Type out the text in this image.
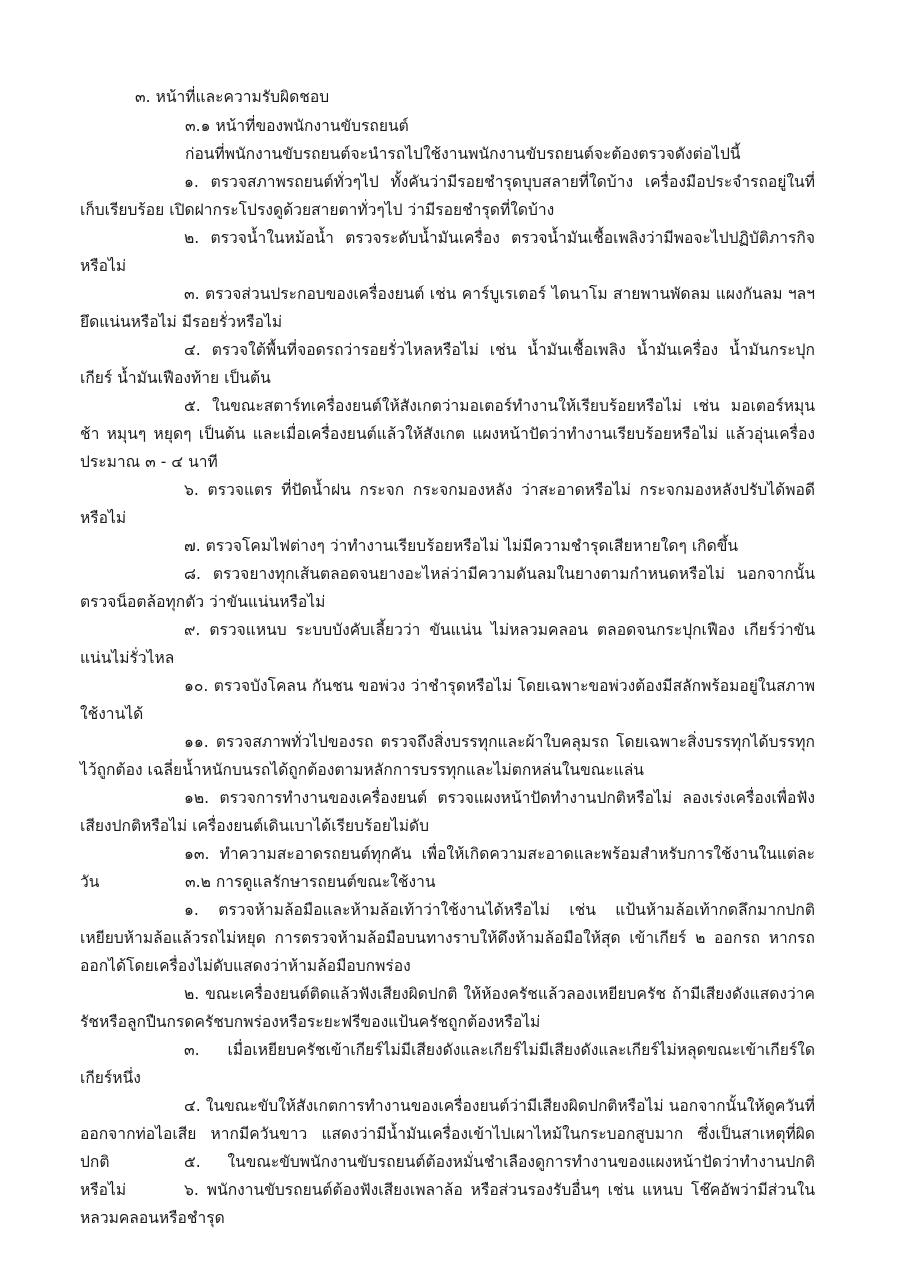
๓. หน้าที่และความรับผิดชอบ
๓.๑ หน้าที่ของพนักงานขับรถยนต์
ก่อนที่พนักงานขับรถยนต์จะนำรถไปใช้งานพนักงานขับรถยนต์จะต้องตรวจดังต่อไปนี้
๑. ตรวจสภาพรถยนต์ทั่วๆไป ทั้งคันว่ามีรอยชำรุดบุบสลายที่ใดบ้าง เครื่องมือประจำรถอยู่ในที่เก็บเรียบร้อย เปิดฝากระโปรงดูด้วยสายตาทั่วๆไป ว่ามีรอยชำรุดที่ใดบ้าง
๒. ตรวจน้ำในหม้อน้ำ ตรวจระดับน้ำมันเครื่อง ตรวจน้ำมันเชื้อเพลิงว่ามีพอจะไปปฏิบัติภารกิจหรือไม่
๓. ตรวจส่วนประกอบของเครื่องยนต์ เช่น คาร์บูเรเตอร์ ไดนาโม สายพานพัดลม แผงกันลม ฯลฯ ยึดแน่นหรือไม่ มีรอยรั่วหรือไม่
๔. ตรวจใต้พื้นที่จอดรถว่ารอยรั่วไหลหรือไม่ เช่น น้ำมันเชื้อเพลิง น้ำมันเครื่อง น้ำมันกระปุกเกียร์ น้ำมันเฟืองท้าย เป็นต้น
๕. ในขณะสตาร์ทเครื่องยนต์ให้สังเกตว่ามอเตอร์ทำงานให้เรียบร้อยหรือไม่ เช่น มอเตอร์หมุนช้า หมุนๆ หยุดๆ เป็นต้น และเมื่อเครื่องยนต์แล้วให้สังเกต แผงหน้าปัดว่าทำงานเรียบร้อยหรือไม่ แล้วอุ่นเครื่องประมาณ ๓ - ๔ นาที
๖. ตรวจแตร ที่ปัดน้ำฝน กระจก กระจกมองหลัง ว่าสะอาดหรือไม่ กระจกมองหลังปรับได้พอดีหรือไม่
๗. ตรวจโคมไฟต่างๆ ว่าทำงานเรียบร้อยหรือไม่ ไม่มีความชำรุดเสียหายใดๆ เกิดขึ้น
๘. ตรวจยางทุกเส้นตลอดจนยางอะไหล่ว่ามีความดันลมในยางตามกำหนดหรือไม่ นอกจากนั้นตรวจน็อตล้อทุกตัว ว่าขันแน่นหรือไม่
๙. ตรวจแหนบ ระบบบังคับเลี้ยวว่า ขันแน่น ไม่หลวมคลอน ตลอดจนกระปุกเฟือง เกียร์ว่าขันแน่นไม่รั่วไหล
๑๐. ตรวจบังโคลน กันชน ขอพ่วง ว่าชำรุดหรือไม่ โดยเฉพาะขอพ่วงต้องมีสลักพร้อมอยู่ในสภาพใช้งานได้
๑๑. ตรวจสภาพทั่วไปของรถ ตรวจถึงสิ่งบรรทุกและผ้าใบคลุมรถ โดยเฉพาะสิ่งบรรทุกได้บรรทุกไว้ถูกต้อง เฉลี่ยน้ำหนักบนรถได้ถูกต้องตามหลักการบรรทุกและไม่ตกหล่นในขณะแล่น
๑๒. ตรวจการทำงานของเครื่องยนต์ ตรวจแผงหน้าปัดทำงานปกติหรือไม่ ลองเร่งเครื่องเพื่อฟังเสียงปกติหรือไม่ เครื่องยนต์เดินเบาได้เรียบร้อยไม่ดับ
๑๓. ทำความสะอาดรถยนต์ทุกคัน เพื่อให้เกิดความสะอาดและพร้อมสำหรับการใช้งานในแต่ละวัน	๓.๒ การดูแลรักษารถยนต์ขณะใช้งาน
๑. ตรวจห้ามล้อมือและห้ามล้อเท้าว่าใช้งานได้หรือไม่ เช่น แป้นห้ามล้อเท้ากดลึกมากปกติ เหยียบห้ามล้อแล้วรถไม่หยุด การตรวจห้ามล้อมือบนทางราบให้ดึงห้ามล้อมือให้สุด เข้าเกียร์ ๒ ออกรถ หากรถออกได้โดยเครื่องไม่ดับแสดงว่าห้ามล้อมือบกพร่อง
๒. ขณะเครื่องยนต์ติดแล้วฟังเสียงผิดปกติ ให้ห้องครัชแล้วลองเหยียบครัช ถ้ามีเสียงดังแสดงว่าครัชหรือลูกปืนกรดครัชบกพร่องหรือระยะฟรีของแป้นครัชถูกต้องหรือไม่
๓. เมื่อเหยียบครัชเข้าเกียร์ไม่มีเสียงดังและเกียร์ไม่มีเสียงดังและเกียร์ไม่หลุดขณะเข้าเกียร์ใดเกียร์หนึ่ง
๔. ในขณะขับให้สังเกตการทำงานของเครื่องยนต์ว่ามีเสียงผิดปกติหรือไม่ นอกจากนั้นให้ดูควันที่ออกจากท่อไอเสีย หากมีควันขาว แสดงว่ามีน้ำมันเครื่องเข้าไปเผาไหม้ในกระบอกสูบมาก ซึ่งเป็นสาเหตุที่ผิดปกติ	๕. ในขณะขับพนักงานขับรถยนต์ต้องหมั่นชำเลืองดูการทำงานของแผงหน้าปัดว่าทำงานปกติหรือไม่	๖. พนักงานขับรถยนต์ต้องฟังเสียงเพลาล้อ หรือส่วนรองรับอื่นๆ เช่น แหนบ โช๊คอัพว่ามีส่วนในหลวมคลอนหรือชำรุด
